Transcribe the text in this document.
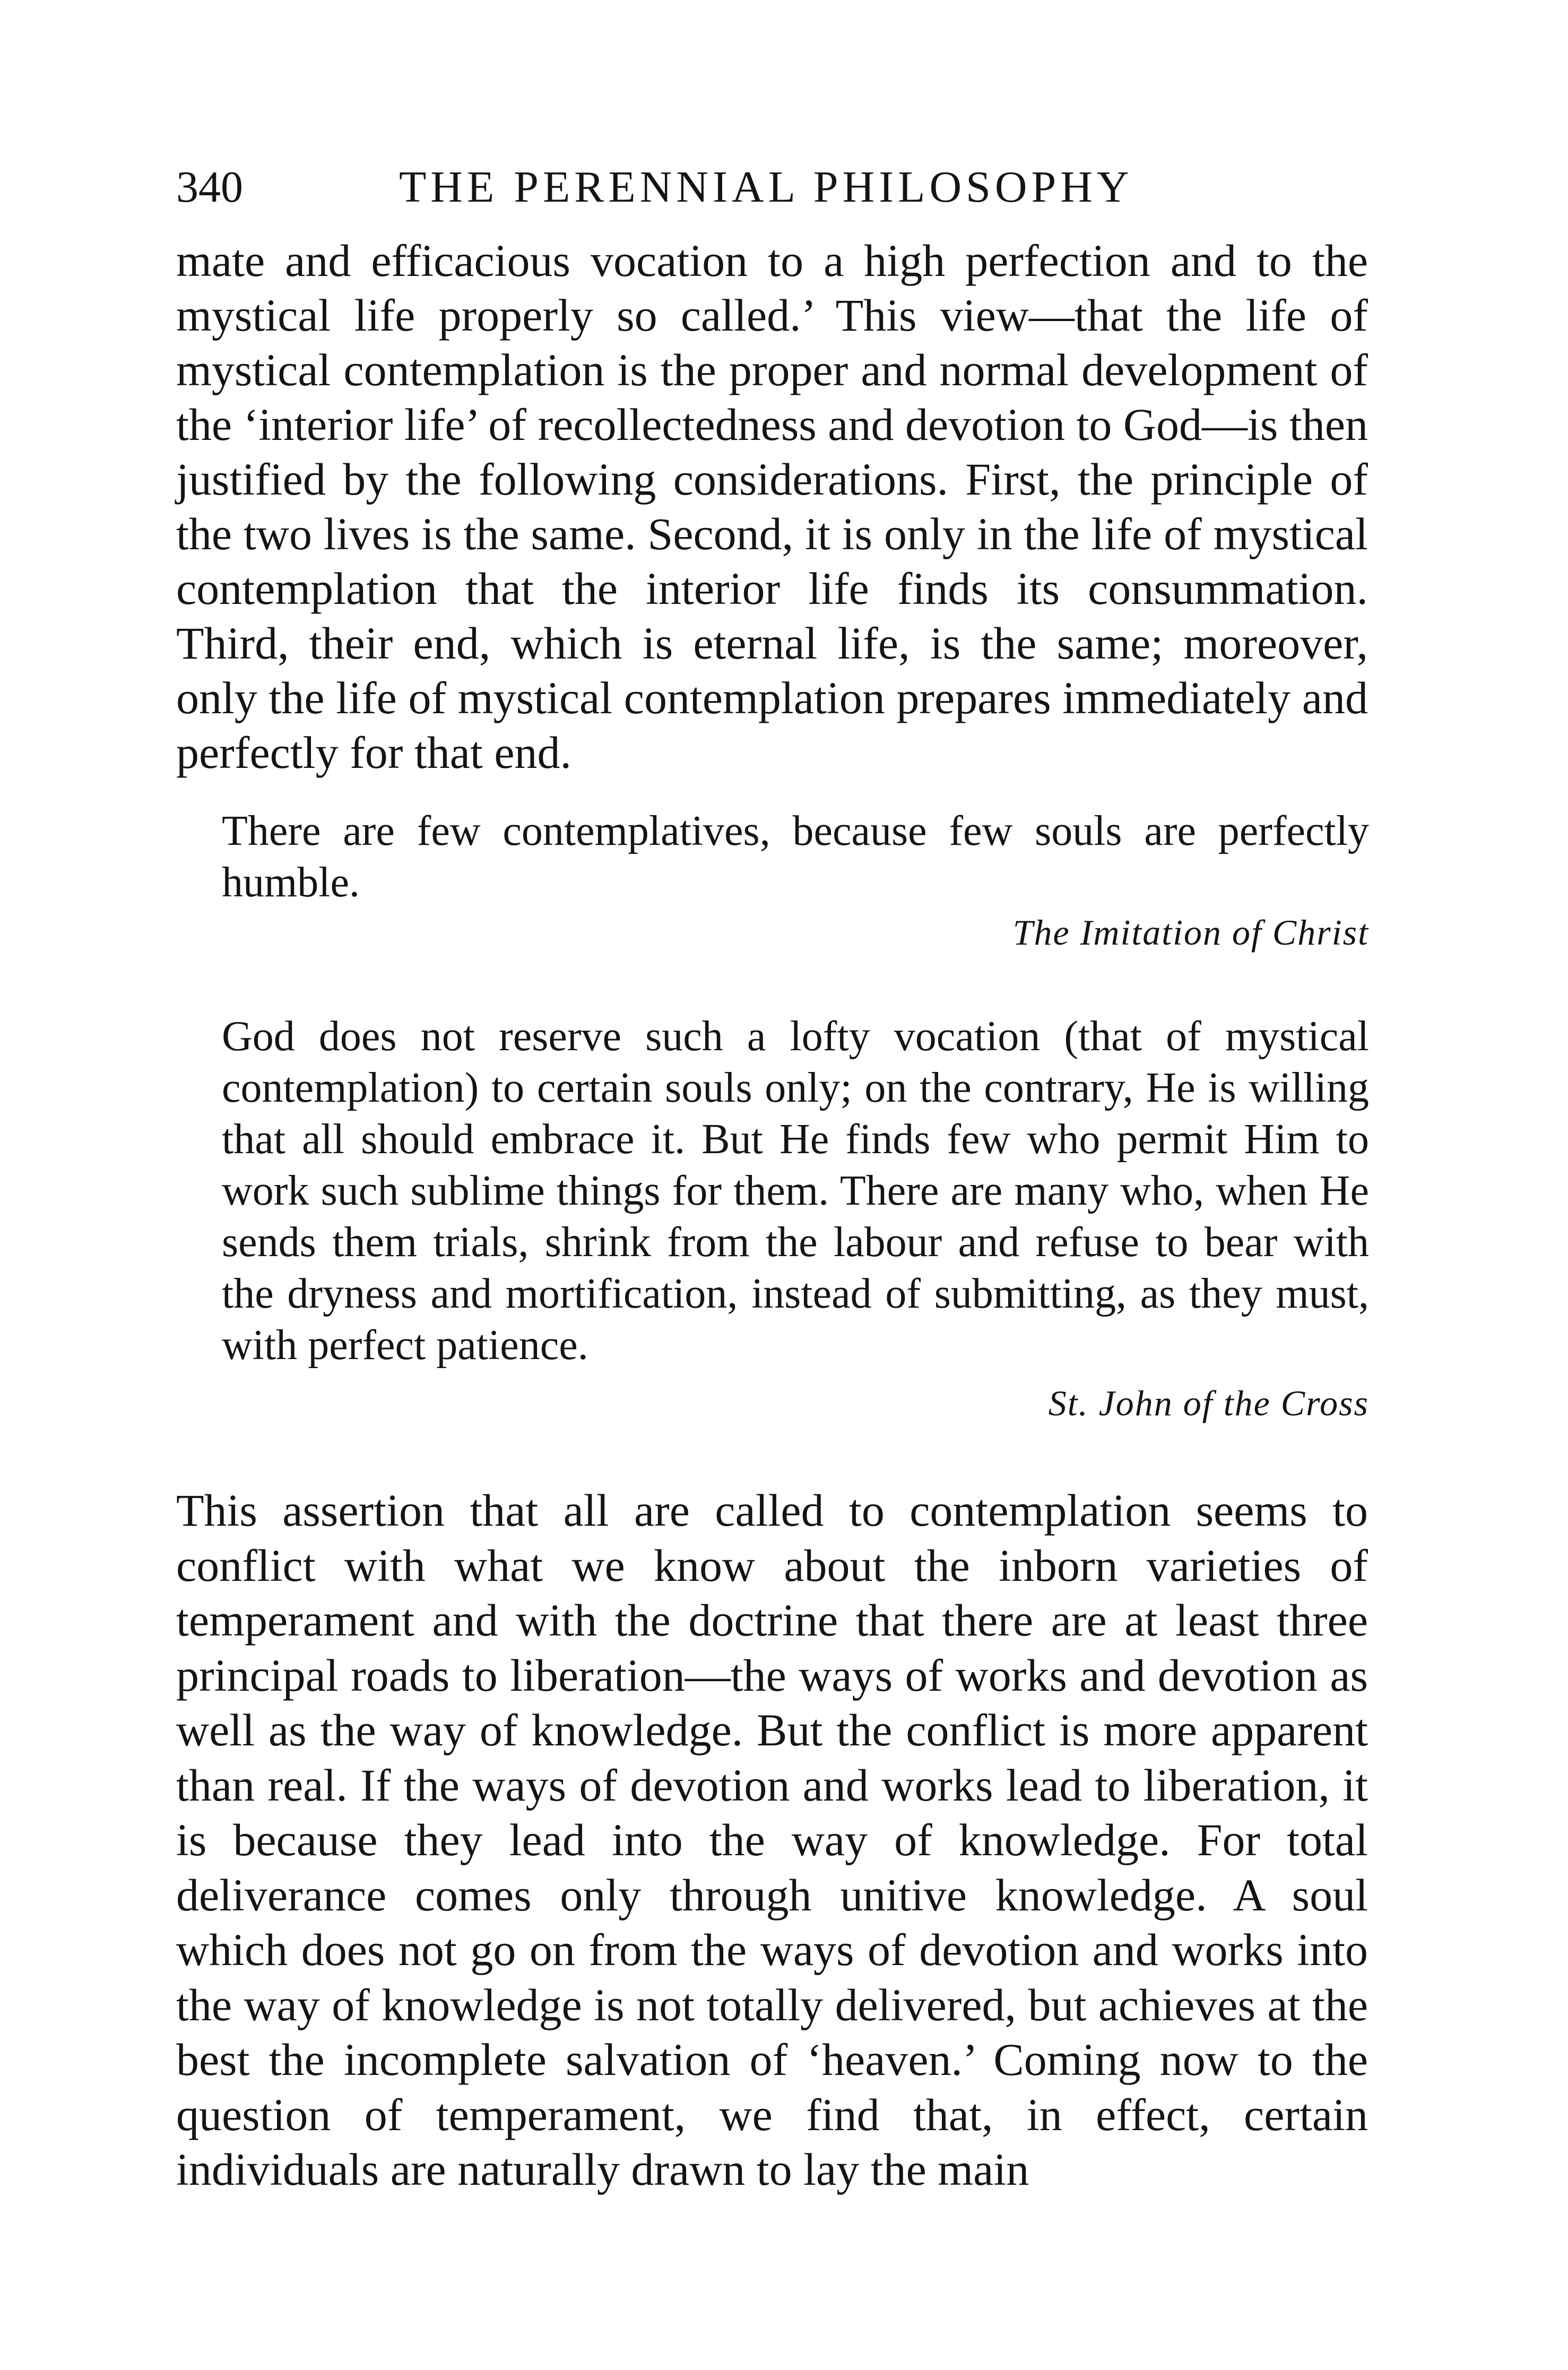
340	THE PERENNIAL PHILOSOPHY

mate and efficacious vocation to a high perfection and to the mystical life properly so called.’ This view—that the life of mystical contemplation is the proper and normal development of the ‘interior life’ of recollectedness and devotion to God—is then justified by the following considerations. First, the principle of the two lives is the same. Second, it is only in the life of mystical contemplation that the interior life finds its consummation. Third, their end, which is eternal life, is the same; moreover, only the life of mystical contemplation prepares immediately and perfectly for that end.

There are few contemplatives, because few souls are perfectly humble.

The Imitation of Christ

God does not reserve such a lofty vocation (that of mystical contemplation) to certain souls only; on the contrary, He is willing that all should embrace it. But He finds few who permit Him to work such sublime things for them. There are many who, when He sends them trials, shrink from the labour and refuse to bear with the dryness and mortification, instead of submitting, as they must, with perfect patience.

St. John of the Cross

This assertion that all are called to contemplation seems to conflict with what we know about the inborn varieties of temperament and with the doctrine that there are at least three principal roads to liberation—the ways of works and devotion as well as the way of knowledge. But the conflict is more apparent than real. If the ways of devotion and works lead to liberation, it is because they lead into the way of knowledge. For total deliverance comes only through unitive knowledge. A soul which does not go on from the ways of devotion and works into the way of knowledge is not totally delivered, but achieves at the best the incomplete salvation of ‘heaven.’ Coming now to the question of temperament, we find that, in effect, certain individuals are naturally drawn to lay the main
